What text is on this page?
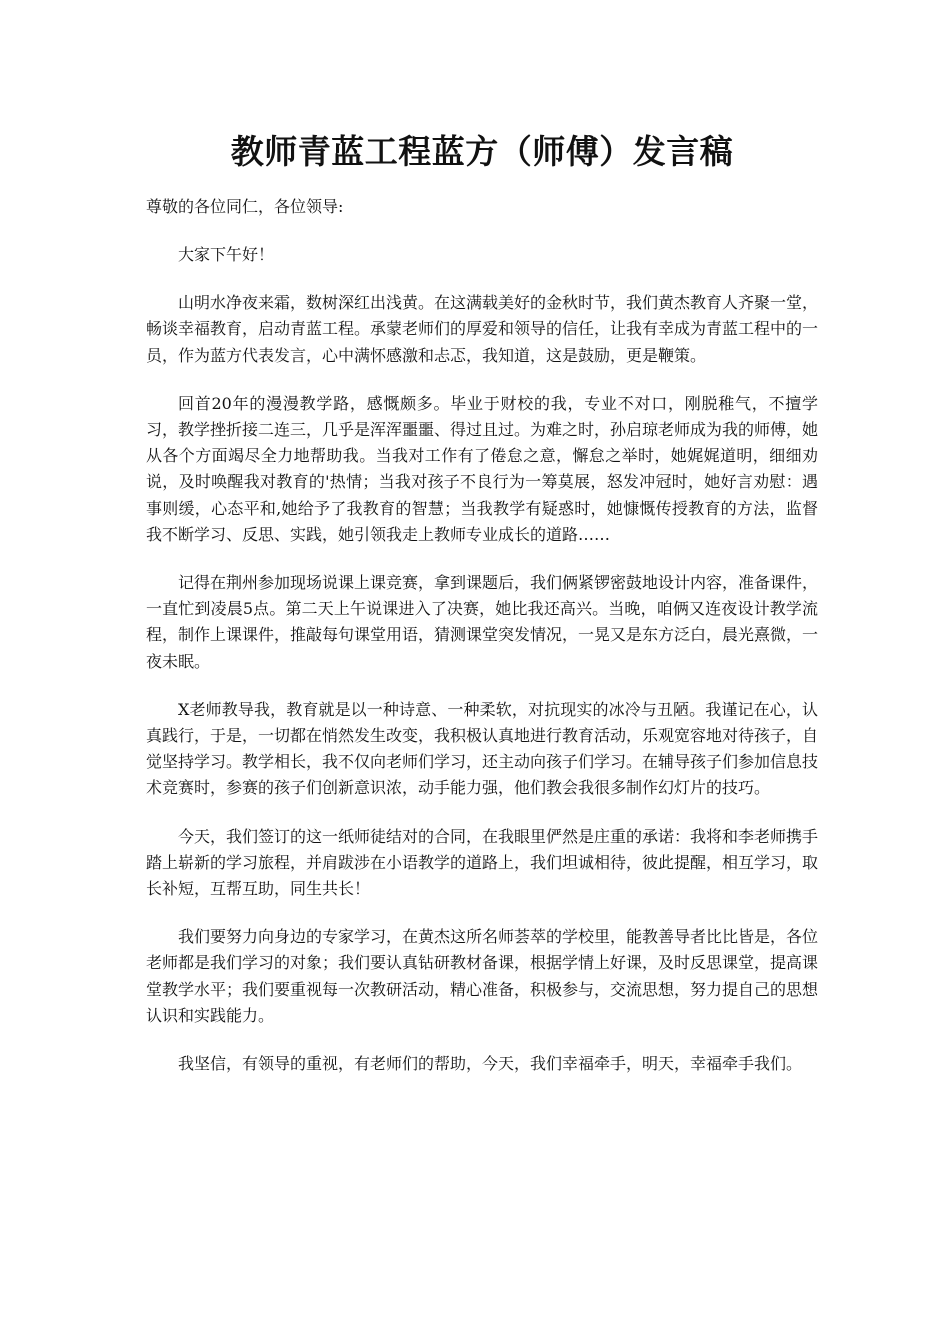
教师青蓝工程蓝方（师傅）发言稿

尊敬的各位同仁，各位领导:

大家下午好！

山明水净夜来霜，数树深红出浅黄。在这满载美好的金秋时节，我们黄杰教育人齐聚一堂，畅谈幸福教育，启动青蓝工程。承蒙老师们的厚爱和领导的信任，让我有幸成为青蓝工程中的一员，作为蓝方代表发言，心中满怀感激和忐忑，我知道，这是鼓励，更是鞭策。

回首20年的漫漫教学路，感慨颇多。毕业于财校的我，专业不对口，刚脱稚气，不擅学习，教学挫折接二连三，几乎是浑浑噩噩、得过且过。为难之时，孙启琼老师成为我的师傅，她从各个方面竭尽全力地帮助我。当我对工作有了倦怠之意，懈怠之举时，她娓娓道明，细细劝说，及时唤醒我对教育的'热情；当我对孩子不良行为一筹莫展，怒发冲冠时，她好言劝慰：遇事则缓，心态平和,她给予了我教育的智慧；当我教学有疑惑时，她慷慨传授教育的方法，监督我不断学习、反思、实践，她引领我走上教师专业成长的道路……

记得在荆州参加现场说课上课竞赛，拿到课题后，我们俩紧锣密鼓地设计内容，准备课件，一直忙到凌晨5点。第二天上午说课进入了决赛，她比我还高兴。当晚，咱俩又连夜设计教学流程，制作上课课件，推敲每句课堂用语，猜测课堂突发情况，一晃又是东方泛白，晨光熹微，一夜未眠。

X老师教导我，教育就是以一种诗意、一种柔软，对抗现实的冰冷与丑陋。我谨记在心，认真践行，于是，一切都在悄然发生改变，我积极认真地进行教育活动，乐观宽容地对待孩子，自觉坚持学习。教学相长，我不仅向老师们学习，还主动向孩子们学习。在辅导孩子们参加信息技术竞赛时，参赛的孩子们创新意识浓，动手能力强，他们教会我很多制作幻灯片的技巧。

今天，我们签订的这一纸师徒结对的合同，在我眼里俨然是庄重的承诺：我将和李老师携手踏上崭新的学习旅程，并肩跋涉在小语教学的道路上，我们坦诚相待，彼此提醒，相互学习，取长补短，互帮互助，同生共长！

我们要努力向身边的专家学习，在黄杰这所名师荟萃的学校里，能教善导者比比皆是，各位老师都是我们学习的对象；我们要认真钻研教材备课，根据学情上好课，及时反思课堂，提高课堂教学水平；我们要重视每一次教研活动，精心准备，积极参与，交流思想，努力提自己的思想认识和实践能力。

我坚信，有领导的重视，有老师们的帮助，今天，我们幸福牵手，明天，幸福牵手我们。
